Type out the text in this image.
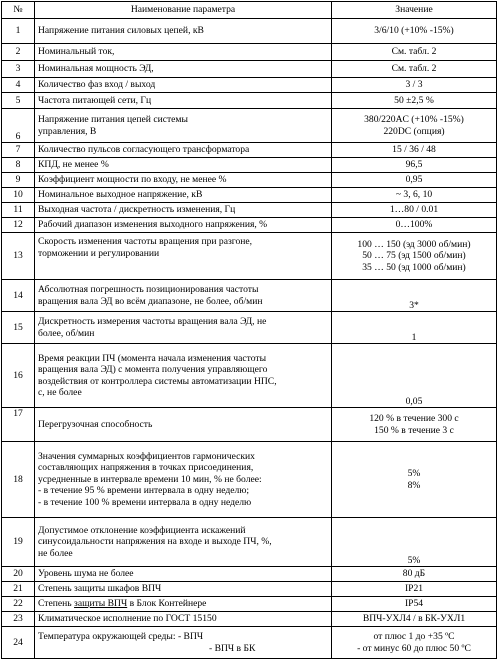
№	Наименование параметра	Значение
1	Напряжение питания силовых цепей, кВ	3/6/10 (+10% -15%)

2	Номинальный ток,	См. табл. 2

3	Номинальная мощность ЭД,	См. табл. 2

4	Количество фаз вход / выход	3 / 3

5	Частота питающей сети, Гц	50 ±2,5 %

6	Напряжение питания цепей системы
управления, В	380/220AC (+10% -15%)
220DC (опция)

7	Количество пульсов согласующего трансформатора	15 / 36 / 48

8	КПД, не менее %	96,5

9	Коэффициент мощности по входу, не менее %	0,95

10	Номинальное выходное напряжение, кВ	~ 3, 6, 10

11	Выходная частота / дискретность изменения, Гц	1…80 / 0.01

12	Рабочий диапазон изменения выходного напряжения, %	0…100%

13	Скорость изменения частоты вращения при разгоне,
торможении и регулировании	100 … 150 (эд 3000 об/мин)
50 … 75 (эд 1500 об/мин)
35 … 50 (эд 1000 об/мин)

14	Абсолютная погрешность позиционирования частоты
вращения вала ЭД во всём диапазоне, не более, об/мин	3*

15	Дискретность измерения частоты вращения вала ЭД, не
более, об/мин	1

16	Время реакции ПЧ (момента начала изменения частоты
вращения вала ЭД) с момента получения управляющего
воздействия от контроллера системы автоматизации НПС,
с, не более	0,05

17	Перегрузочная способность	120 % в течение 300 с
150 % в течение 3 с

18	Значения суммарных коэффициентов гармонических
составляющих напряжения в точках присоединения,
усредненные в интервале времени 10 мин, % не более:
- в течение 95 % времени интервала в одну неделю;
- в течение 100 % времени интервала в одну неделю	5%
8%

19	Допустимое отклонение коэффициента искажений
синусоидальности напряжения на входе и выходе ПЧ, %,
не более	5%

20	Уровень шума не более	80 дБ

21	Степень защиты шкафов ВПЧ	IP21

22	Степень защиты ВПЧ в Блок Контейнере	IP54

23	Климатическое исполнение по ГОСТ 15150	ВПЧ-УХЛ4 / в БК-УХЛ1

24	Температура окружающей среды: - ВПЧ
- ВПЧ в БК	от плюс 1 до +35 ºС
- от минус 60 до плюс 50 ºС
